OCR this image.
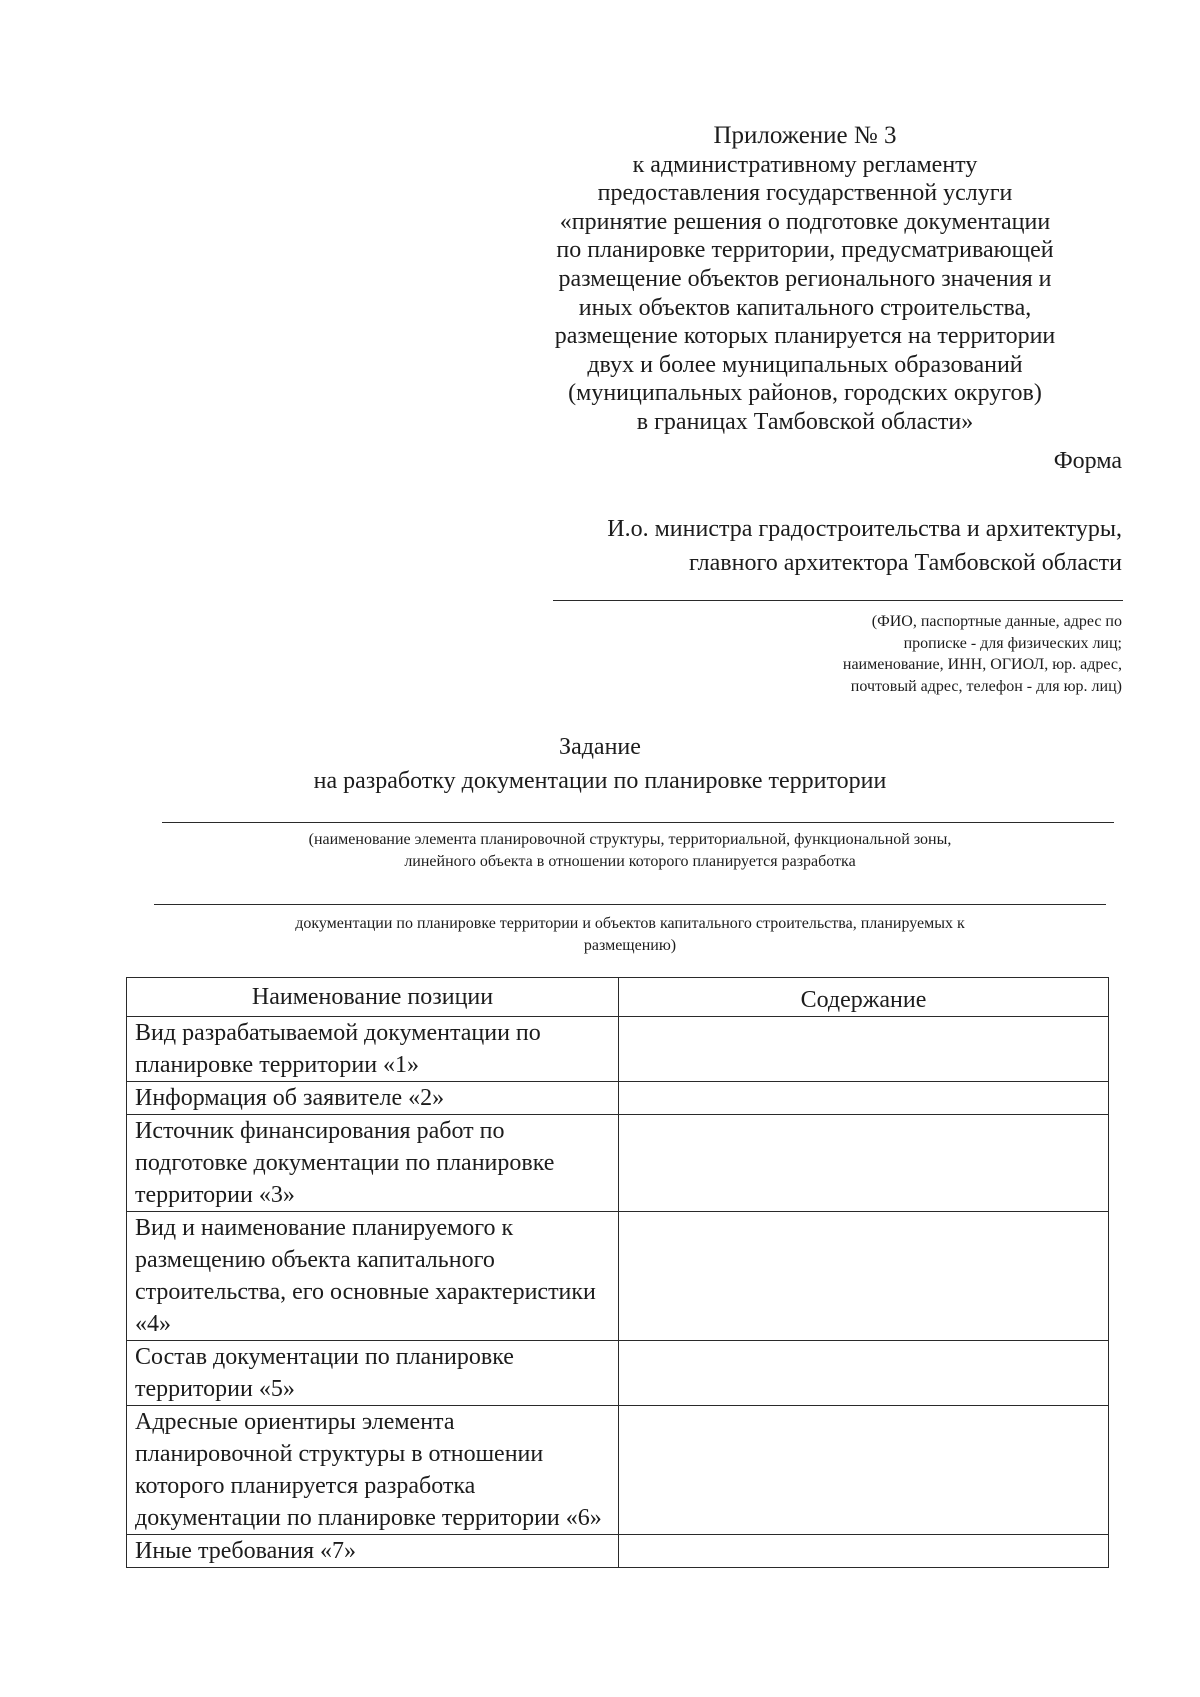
Приложение № 3
к административному регламенту
предоставления государственной услуги
«принятие решения о подготовке документации
по планировке территории, предусматривающей
размещение объектов регионального значения и
иных объектов капитального строительства,
размещение которых планируется на территории
двух и более муниципальных образований
(муниципальных районов, городских округов)
в границах Тамбовской области»
Форма
И.о. министра градостроительства и архитектуры,
главного архитектора Тамбовской области
(ФИО, паспортные данные, адрес по
прописке - для физических лиц;
наименование, ИНН, ОГИОЛ, юр. адрес,
почтовый адрес, телефон - для юр. лиц)
Задание
на разработку документации по планировке территории
(наименование элемента планировочной структуры, территориальной, функциональной зоны,
линейного объекта в отношении которого планируется разработка
документации по планировке территории и объектов капитального строительства, планируемых к
размещению)
Наименование позиции	Содержание
Вид разрабатываемой документации по планировке территории «1»	
Информация об заявителе «2»	
Источник финансирования работ по подготовке документации по планировке территории «3»	
Вид и наименование планируемого к размещению объекта капитального строительства, его основные характеристики «4»	
Состав документации по планировке территории «5»	
Адресные ориентиры элемента планировочной структуры в отношении которого планируется разработка документации по планировке территории «6»	
Иные требования «7»	
